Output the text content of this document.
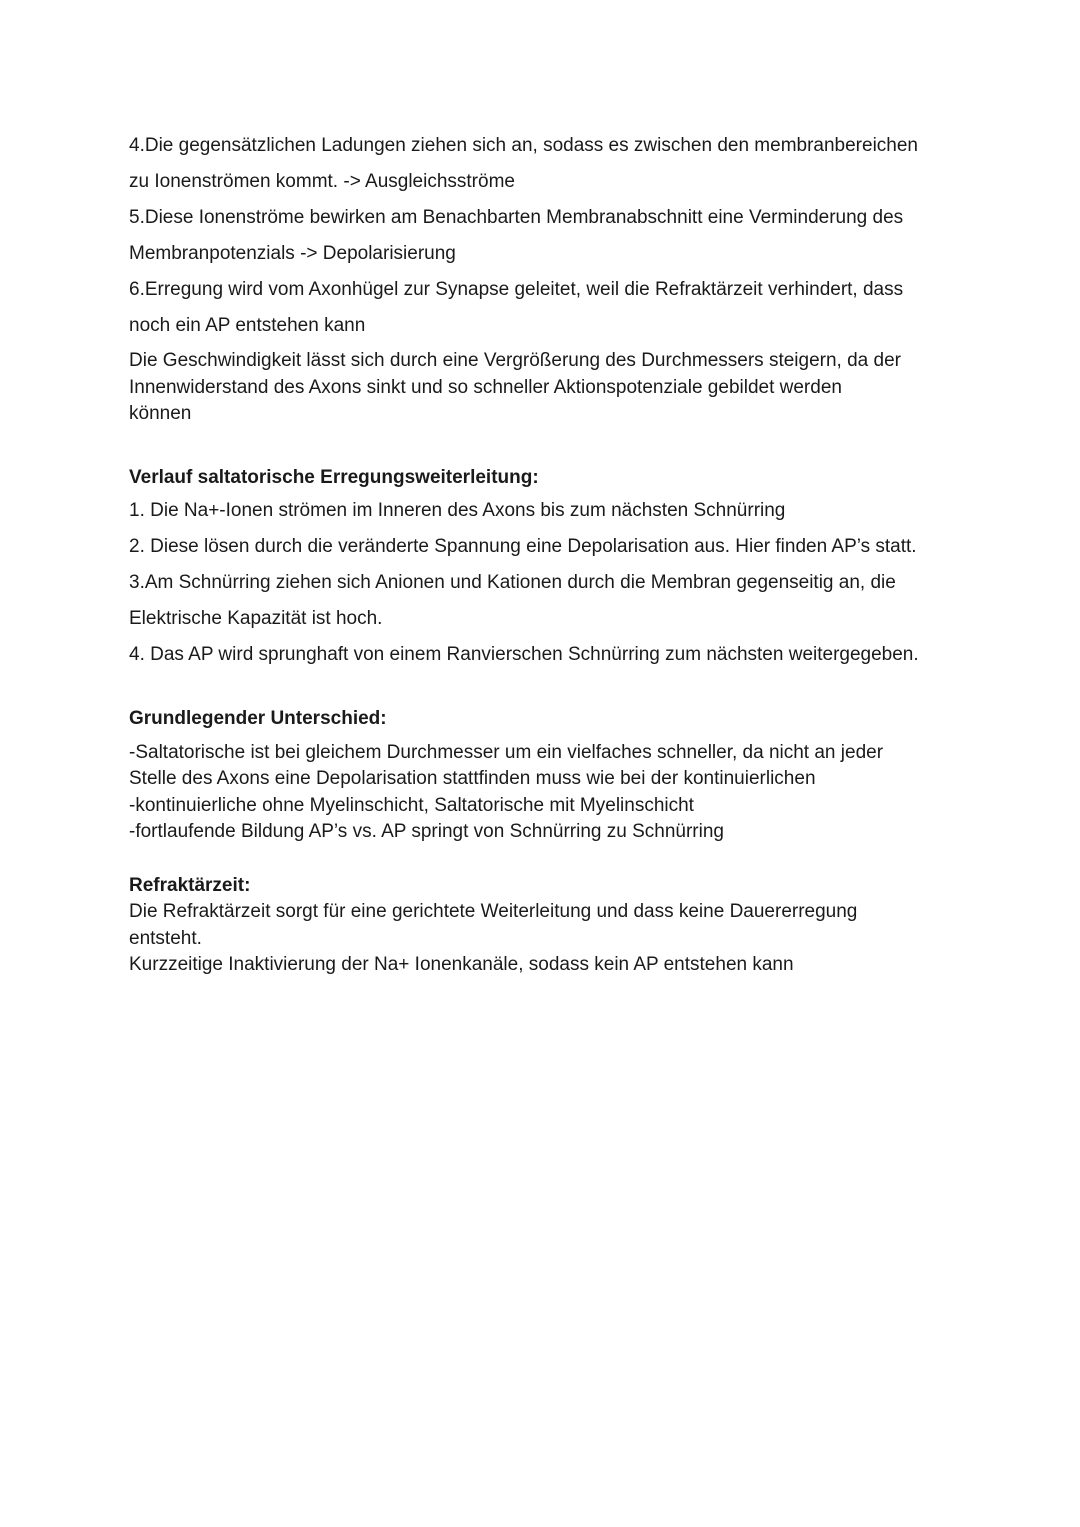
4.Die gegensätzlichen Ladungen ziehen sich an, sodass es zwischen den membranbereichen
zu Ionenströmen kommt. -> Ausgleichsströme
5.Diese Ionenströme bewirken am Benachbarten Membranabschnitt eine Verminderung des
Membranpotenzials -> Depolarisierung
6.Erregung wird vom Axonhügel zur Synapse geleitet, weil die Refraktärzeit verhindert, dass
noch ein AP entstehen kann
Die Geschwindigkeit lässt sich durch eine Vergrößerung des Durchmessers steigern, da der
Innenwiderstand des Axons sinkt und so schneller Aktionspotenziale gebildet werden
können
Verlauf saltatorische Erregungsweiterleitung:
1. Die Na+-Ionen strömen im Inneren des Axons bis zum nächsten Schnürring
2. Diese lösen durch die veränderte Spannung eine Depolarisation aus. Hier finden AP’s statt.
3.Am Schnürring ziehen sich Anionen und Kationen durch die Membran gegenseitig an, die
Elektrische Kapazität ist hoch.
4. Das AP wird sprunghaft von einem Ranvierschen Schnürring zum nächsten weitergegeben.
Grundlegender Unterschied:
-Saltatorische ist bei gleichem Durchmesser um ein vielfaches schneller, da nicht an jeder
Stelle des Axons eine Depolarisation stattfinden muss wie bei der kontinuierlichen
-kontinuierliche ohne Myelinschicht, Saltatorische mit Myelinschicht
-fortlaufende Bildung AP’s vs. AP springt von Schnürring zu Schnürring
Refraktärzeit:
Die Refraktärzeit sorgt für eine gerichtete Weiterleitung und dass keine Dauererregung
entsteht.
Kurzzeitige Inaktivierung der Na+ Ionenkanäle, sodass kein AP entstehen kann
